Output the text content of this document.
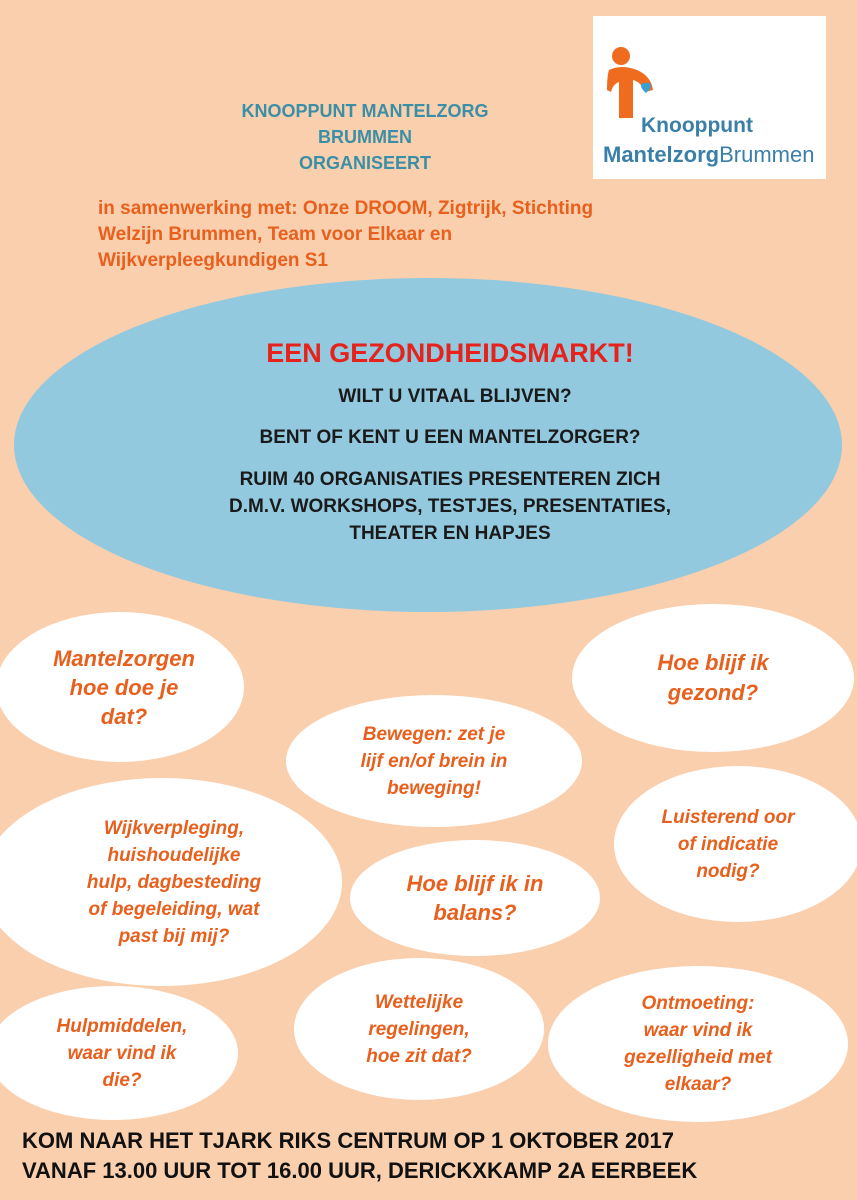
KNOOPPUNT MANTELZORG
BRUMMEN
ORGANISEERT
Knooppunt
MantelzorgBrummen
in samenwerking met: Onze DROOM, Zigtrijk, Stichting
Welzijn Brummen, Team voor Elkaar en
Wijkverpleegkundigen S1
EEN GEZONDHEIDSMARKT!
WILT U VITAAL BLIJVEN?
BENT OF KENT U EEN MANTELZORGER?
RUIM 40 ORGANISATIES PRESENTEREN ZICH
D.M.V. WORKSHOPS, TESTJES, PRESENTATIES,
THEATER EN HAPJES
Mantelzorgen
hoe doe je
dat?
Hoe blijf ik
gezond?
Bewegen: zet je
lijf en/of brein in
beweging!
Luisterend oor
of indicatie
nodig?
Wijkverpleging,
huishoudelijke
hulp, dagbesteding
of begeleiding, wat
past bij mij?
Hoe blijf ik in
balans?
Hulpmiddelen,
waar vind ik
die?
Wettelijke
regelingen,
hoe zit dat?
Ontmoeting:
waar vind ik
gezelligheid met
elkaar?
KOM NAAR HET TJARK RIKS CENTRUM OP 1 OKTOBER 2017
VANAF 13.00 UUR TOT 16.00 UUR, DERICKXKAMP 2A EERBEEK
